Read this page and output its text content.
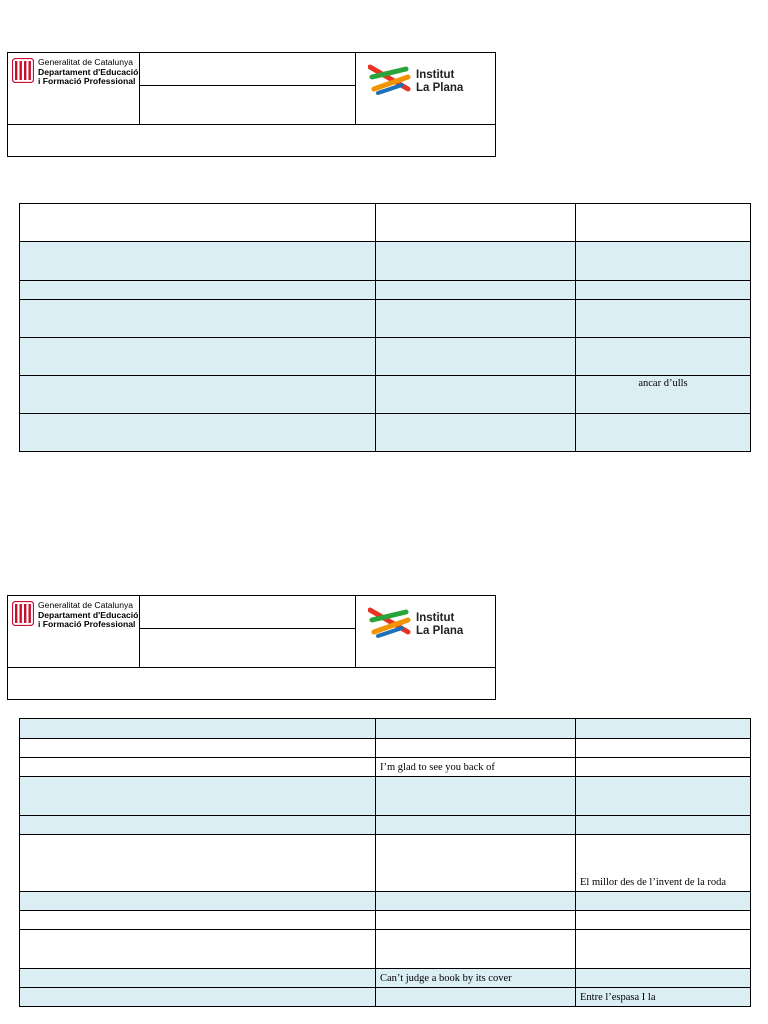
Generalitat de Catalunya
Departament d'Educació
i Formació Professional	Institut
La Plana

		ancar d’ulls

Generalitat de Catalunya
Departament d'Educació
i Formació Professional	Institut
La Plana

	I’m glad to see you back of	

		El millor des de l’invent de la roda

	Can’t judge a book by its cover	
		Entre l’espasa I la
